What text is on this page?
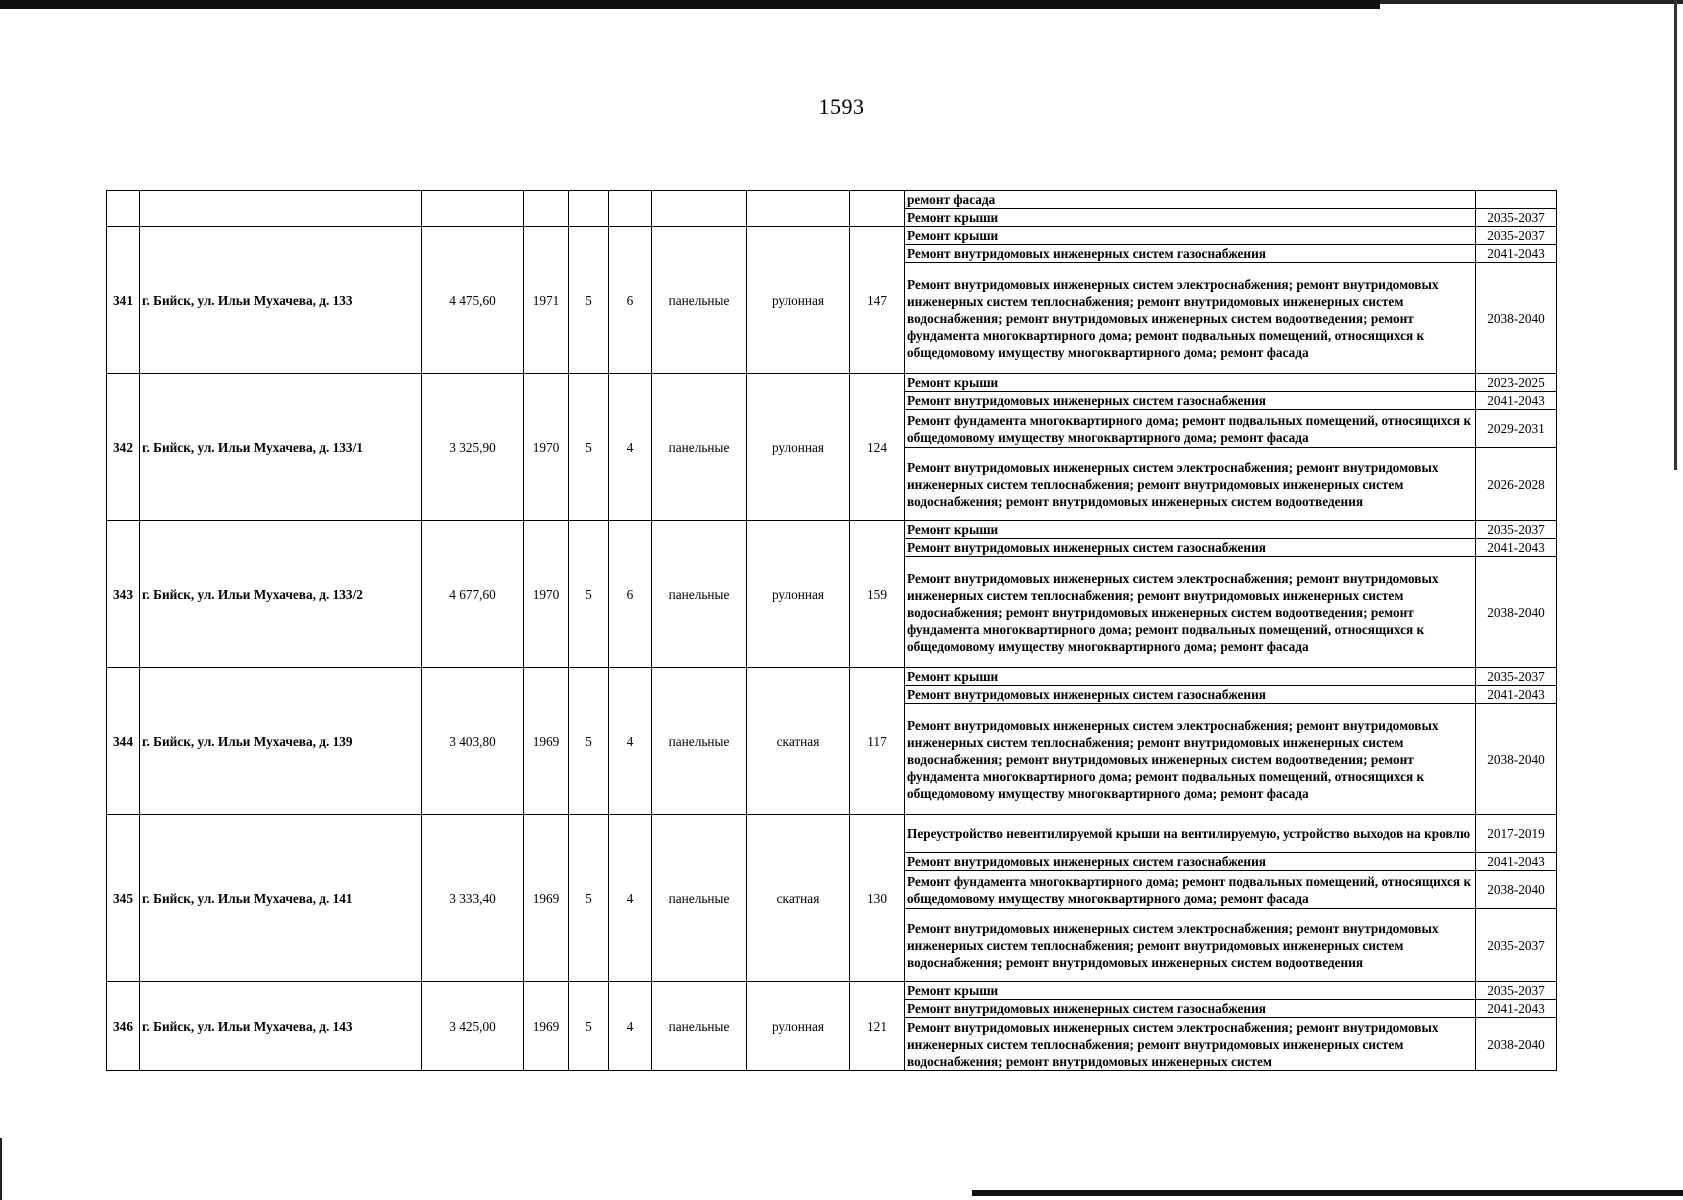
1593
									ремонт фасада	
									Ремонт крыши	2035-2037
341	г. Бийск, ул. Ильи Мухачева, д. 133	4 475,60	1971	5	6	панельные	рулонная	147	Ремонт крыши	2035-2037
									Ремонт внутридомовых инженерных систем газоснабжения	2041-2043
									Ремонт внутридомовых инженерных систем электроснабжения; ремонт внутридомовых инженерных систем теплоснабжения; ремонт внутридомовых инженерных систем водоснабжения; ремонт внутридомовых инженерных систем водоотведения; ремонт фундамента многоквартирного дома; ремонт подвальных помещений, относящихся к общедомовому имуществу многоквартирного дома; ремонт фасада	2038-2040
342	г. Бийск, ул. Ильи Мухачева, д. 133/1	3 325,90	1970	5	4	панельные	рулонная	124	Ремонт крыши	2023-2025
									Ремонт внутридомовых инженерных систем газоснабжения	2041-2043
									Ремонт фундамента многоквартирного дома; ремонт подвальных помещений, относящихся к общедомовому имуществу многоквартирного дома; ремонт фасада	2029-2031
									Ремонт внутридомовых инженерных систем электроснабжения; ремонт внутридомовых инженерных систем теплоснабжения; ремонт внутридомовых инженерных систем водоснабжения; ремонт внутридомовых инженерных систем водоотведения	2026-2028
343	г. Бийск, ул. Ильи Мухачева, д. 133/2	4 677,60	1970	5	6	панельные	рулонная	159	Ремонт крыши	2035-2037
									Ремонт внутридомовых инженерных систем газоснабжения	2041-2043
									Ремонт внутридомовых инженерных систем электроснабжения; ремонт внутридомовых инженерных систем теплоснабжения; ремонт внутридомовых инженерных систем водоснабжения; ремонт внутридомовых инженерных систем водоотведения; ремонт фундамента многоквартирного дома; ремонт подвальных помещений, относящихся к общедомовому имуществу многоквартирного дома; ремонт фасада	2038-2040
344	г. Бийск, ул. Ильи Мухачева, д. 139	3 403,80	1969	5	4	панельные	скатная	117	Ремонт крыши	2035-2037
									Ремонт внутридомовых инженерных систем газоснабжения	2041-2043
									Ремонт внутридомовых инженерных систем электроснабжения; ремонт внутридомовых инженерных систем теплоснабжения; ремонт внутридомовых инженерных систем водоснабжения; ремонт внутридомовых инженерных систем водоотведения; ремонт фундамента многоквартирного дома; ремонт подвальных помещений, относящихся к общедомовому имуществу многоквартирного дома; ремонт фасада	2038-2040
345	г. Бийск, ул. Ильи Мухачева, д. 141	3 333,40	1969	5	4	панельные	скатная	130	Переустройство невентилируемой крыши на вентилируемую, устройство выходов на кровлю	2017-2019
									Ремонт внутридомовых инженерных систем газоснабжения	2041-2043
									Ремонт фундамента многоквартирного дома; ремонт подвальных помещений, относящихся к общедомовому имуществу многоквартирного дома; ремонт фасада	2038-2040
									Ремонт внутридомовых инженерных систем электроснабжения; ремонт внутридомовых инженерных систем теплоснабжения; ремонт внутридомовых инженерных систем водоснабжения; ремонт внутридомовых инженерных систем водоотведения	2035-2037
346	г. Бийск, ул. Ильи Мухачева, д. 143	3 425,00	1969	5	4	панельные	рулонная	121	Ремонт крыши	2035-2037
									Ремонт внутридомовых инженерных систем газоснабжения	2041-2043
									Ремонт внутридомовых инженерных систем электроснабжения; ремонт внутридомовых инженерных систем теплоснабжения; ремонт внутридомовых инженерных систем водоснабжения; ремонт внутридомовых инженерных систем	2038-2040
